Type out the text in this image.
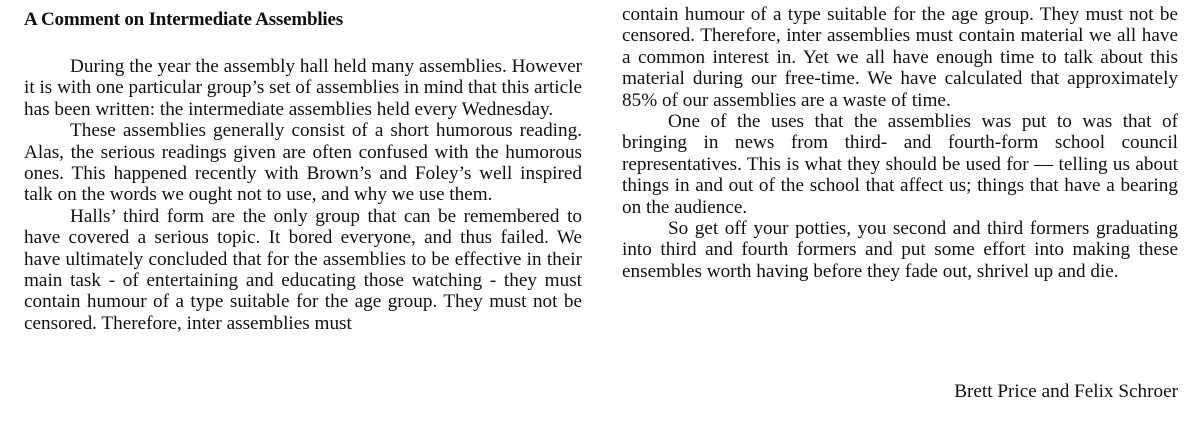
A Comment on Intermediate Assemblies

During the year the assembly hall held many assemblies. However it is with one particular group’s set of assemblies in mind that this article has been written: the intermediate assemblies held every Wednesday.

These assemblies generally consist of a short humorous reading. Alas, the serious readings given are often confused with the humorous ones. This happened recently with Brown’s and Foley’s well inspired talk on the words we ought not to use, and why we use them.

Halls’ third form are the only group that can be remembered to have covered a serious topic. It bored everyone, and thus failed. We have ultimately concluded that for the assemblies to be effective in their main task - of entertaining and educating those watching - they must contain humour of a type suitable for the age group. They must not be censored. Therefore, inter assemblies must

contain humour of a type suitable for the age group. They must not be censored. Therefore, inter assemblies must contain material we all have a common interest in. Yet we all have enough time to talk about this material during our free-time. We have calculated that approximately 85% of our assemblies are a waste of time.

One of the uses that the assemblies was put to was that of bringing in news from third- and fourth-form school council representatives. This is what they should be used for — telling us about things in and out of the school that affect us; things that have a bearing on the audience.

So get off your potties, you second and third formers graduating into third and fourth formers and put some effort into making these ensembles worth having before they fade out, shrivel up and die.

Brett Price and Felix Schroer
